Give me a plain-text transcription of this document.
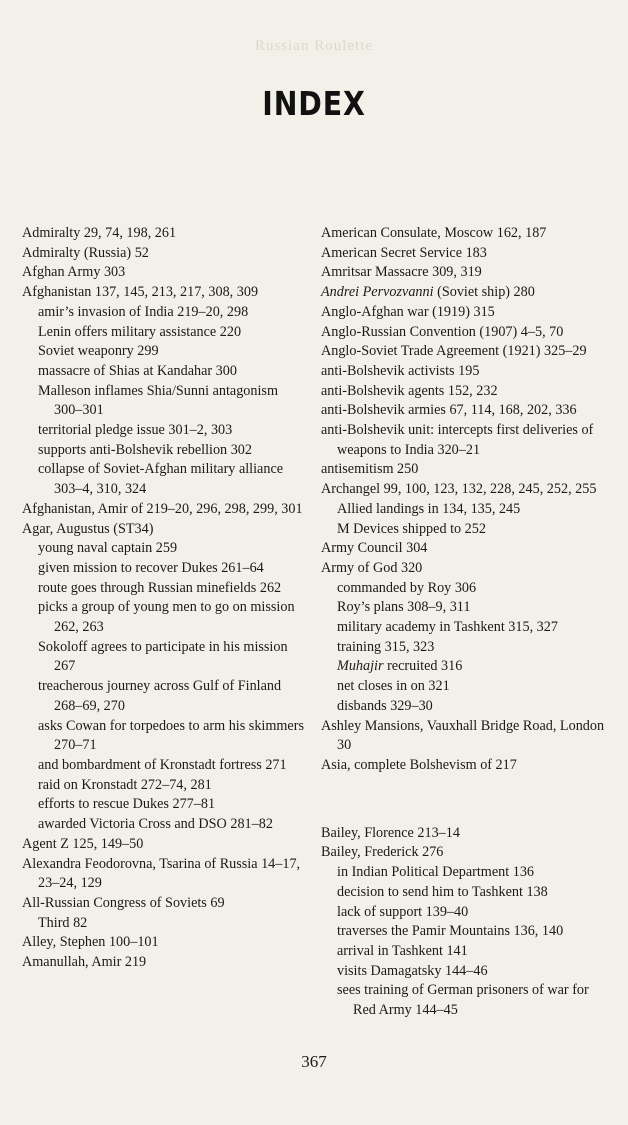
Russian Roulette
INDEX

Admiralty 29, 74, 198, 261

Admiralty (Russia) 52

Afghan Army 303

Afghanistan 137, 145, 213, 217, 308, 309

amir’s invasion of India 219–20, 298

Lenin offers military assistance 220

Soviet weaponry 299

massacre of Shias at Kandahar 300

Malleson inflames Shia/Sunni antagonism 300–301

territorial pledge issue 301–2, 303

supports anti-Bolshevik rebellion 302

collapse of Soviet-Afghan military alliance 303–4, 310, 324

Afghanistan, Amir of 219–20, 296, 298, 299, 301

Agar, Augustus (ST34)

young naval captain 259

given mission to recover Dukes 261–64

route goes through Russian minefields 262

picks a group of young men to go on mission 262, 263

Sokoloff agrees to participate in his mission 267

treacherous journey across Gulf of Finland 268–69, 270

asks Cowan for torpedoes to arm his skimmers 270–71

and bombardment of Kronstadt fortress 271

raid on Kronstadt 272–74, 281

efforts to rescue Dukes 277–81

awarded Victoria Cross and DSO 281–82

Agent Z 125, 149–50

Alexandra Feodorovna, Tsarina of Russia 14–17, 23–24, 129

All-Russian Congress of Soviets 69

Third 82

Alley, Stephen 100–101

Amanullah, Amir 219

American Consulate, Moscow 162, 187

American Secret Service 183

Amritsar Massacre 309, 319

Andrei Pervozvanni (Soviet ship) 280

Anglo-Afghan war (1919) 315

Anglo-Russian Convention (1907) 4–5, 70

Anglo-Soviet Trade Agreement (1921) 325–29

anti-Bolshevik activists 195

anti-Bolshevik agents 152, 232

anti-Bolshevik armies 67, 114, 168, 202, 336

anti-Bolshevik unit: intercepts first deliveries of weapons to India 320–21

antisemitism 250

Archangel 99, 100, 123, 132, 228, 245, 252, 255

Allied landings in 134, 135, 245

M Devices shipped to 252

Army Council 304

Army of God 320

commanded by Roy 306

Roy’s plans 308–9, 311

military academy in Tashkent 315, 327

training 315, 323

Muhajir recruited 316

net closes in on 321

disbands 329–30

Ashley Mansions, Vauxhall Bridge Road, London 30

Asia, complete Bolshevism of 217

Bailey, Florence 213–14

Bailey, Frederick 276

in Indian Political Department 136

decision to send him to Tashkent 138

lack of support 139–40

traverses the Pamir Mountains 136, 140

arrival in Tashkent 141

visits Damagatsky 144–46

sees training of German prisoners of war for Red Army 144–45

367
